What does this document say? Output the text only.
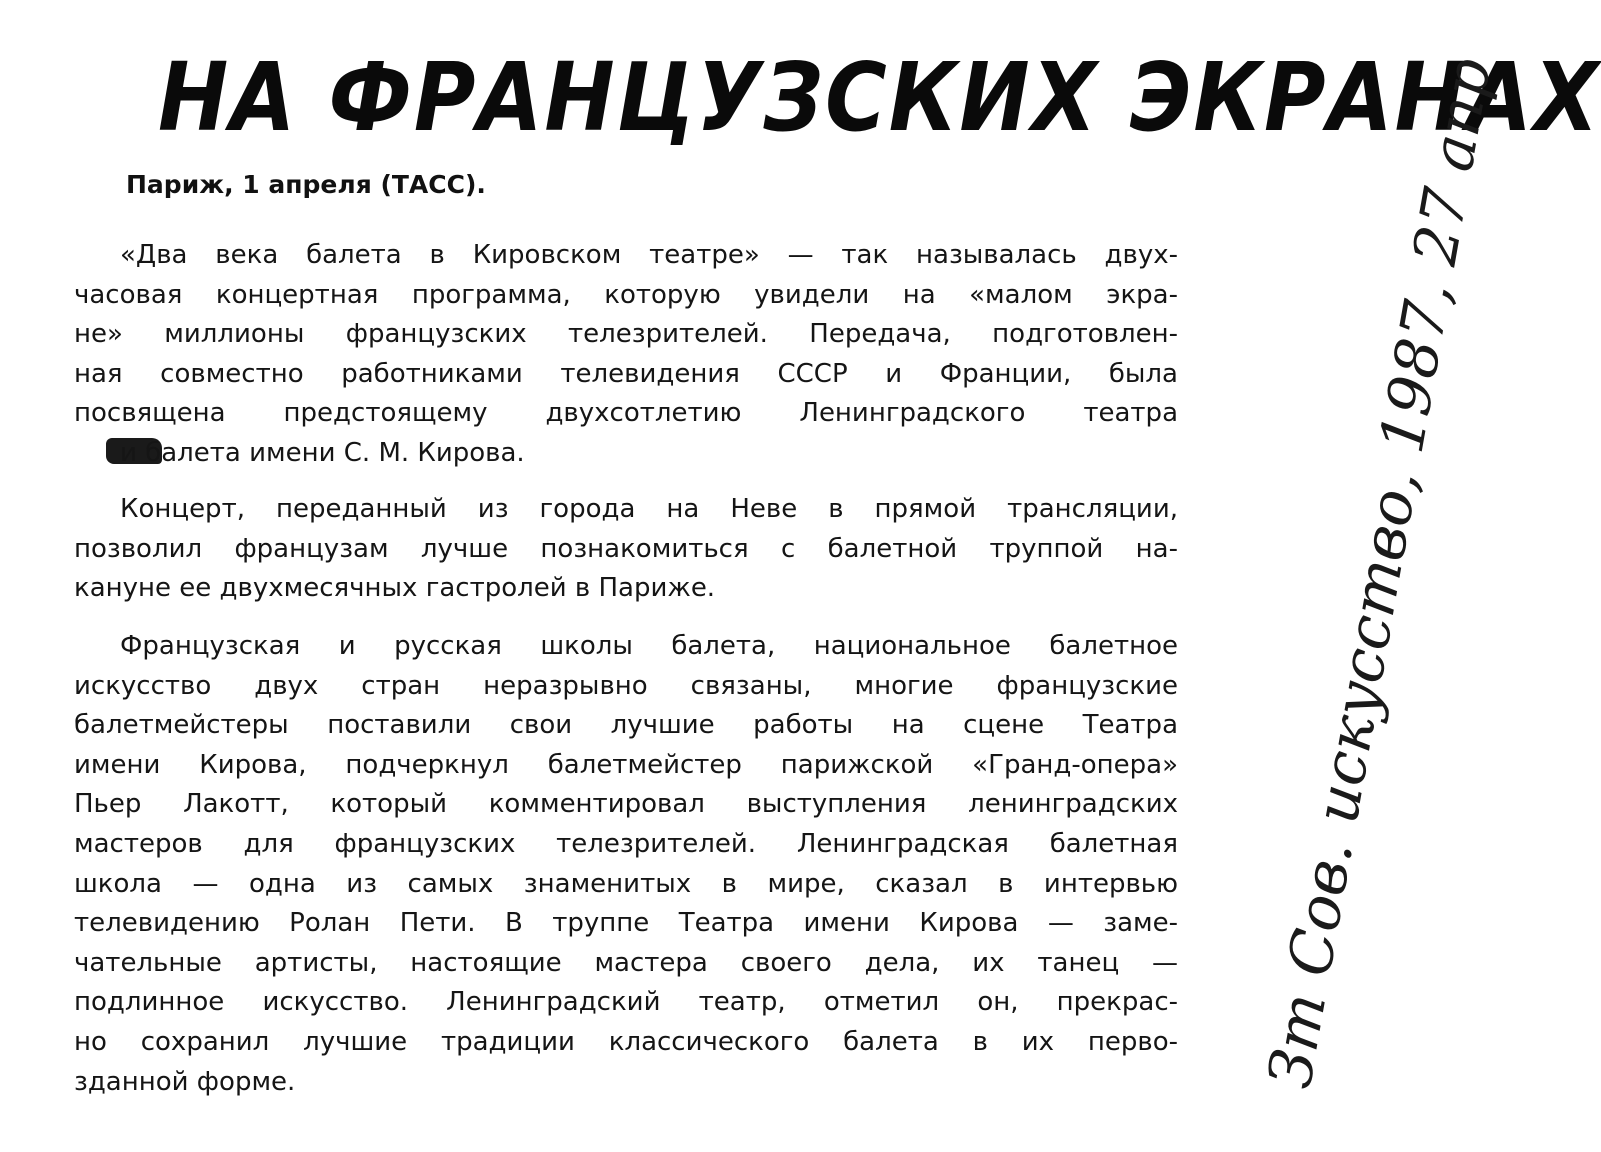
НА ФРАНЦУЗСКИХ ЭКРАНАХ
Париж, 1 апреля (ТАСС).
«Два века балета в Кировском театре» — так называлась двух-
часовая концертная программа, которую увидели на «малом экра-
не» миллионы французских телезрителей. Передача, подготовлен-
ная совместно работниками телевидения СССР и Франции, была
посвящена предстоящему двухсотлетию Ленинградского театра
и балета имени С. М. Кирова.
Концерт, переданный из города на Неве в прямой трансляции,
позволил французам лучше познакомиться с балетной труппой на-
кануне ее двухмесячных гастролей в Париже.
Французская и русская школы балета, национальное балетное
искусство двух стран неразрывно связаны, многие французские
балетмейстеры поставили свои лучшие работы на сцене Театра
имени Кирова, подчеркнул балетмейстер парижской «Гранд-опера»
Пьер Лакотт, который комментировал выступления ленинградских
мастеров для французских телезрителей. Ленинградская балетная
школа — одна из самых знаменитых в мире, сказал в интервью
телевидению Ролан Пети. В труппе Театра имени Кирова — заме-
чательные артисты, настоящие мастера своего дела, их танец —
подлинное искусство. Ленинградский театр, отметил он, прекрас-
но сохранил лучшие традиции классического балета в их перво-
зданной форме.	Зт Сов. искусство, 1987, 27 апр
